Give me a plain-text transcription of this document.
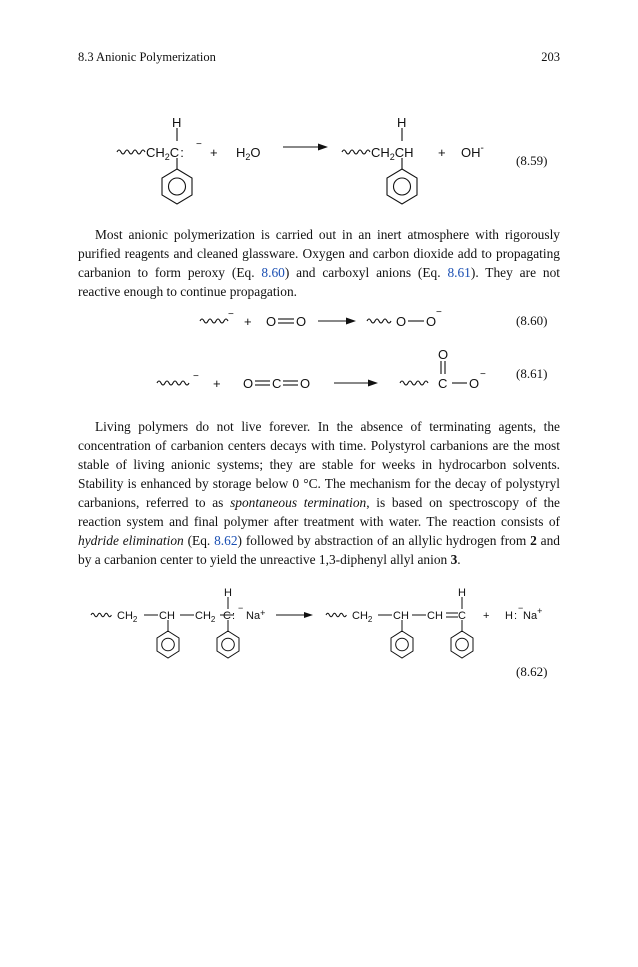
8.3 Anionic Polymerization	203
H
$CH_2C$:
−
+ $H_2O$
H
$CH_2CH + OH^-$
(8.59)

Most anionic polymerization is carried out in an inert atmosphere with rigorously purified reagents and cleaned glassware. Oxygen and carbon dioxide add to propagating carbanion to form peroxy (Eq. 8.60) and carboxyl anions (Eq. 8.61). They are not reactive enough to continue propagation.

− + O O	O O
−
(8.60)
− + O C O
O
C O
− (8.61)

Living polymers do not live forever. In the absence of terminating agents, the concentration of carbanion centers decays with time. Polystyrol carbanions are the most stable of living anionic systems; they are stable for weeks in hydrocarbon solvents. Stability is enhanced by storage below 0 °C. The mechanism for the decay of polystyryl carbanions, referred to as spontaneous termination, is based on spectroscopy of the reaction system and final polymer after treatment with water. The reaction consists of hydride elimination (Eq. 8.62) followed by abstraction of an allylic hydrogen from 2 and by a carbanion center to yield the unreactive 1,3-diphenyl allyl anion 3.

H
$CH_2$ CH $CH_2$ C:
−
Na+
H
$CH_2$ CH CH C + H:
−
Na+
(8.62)
